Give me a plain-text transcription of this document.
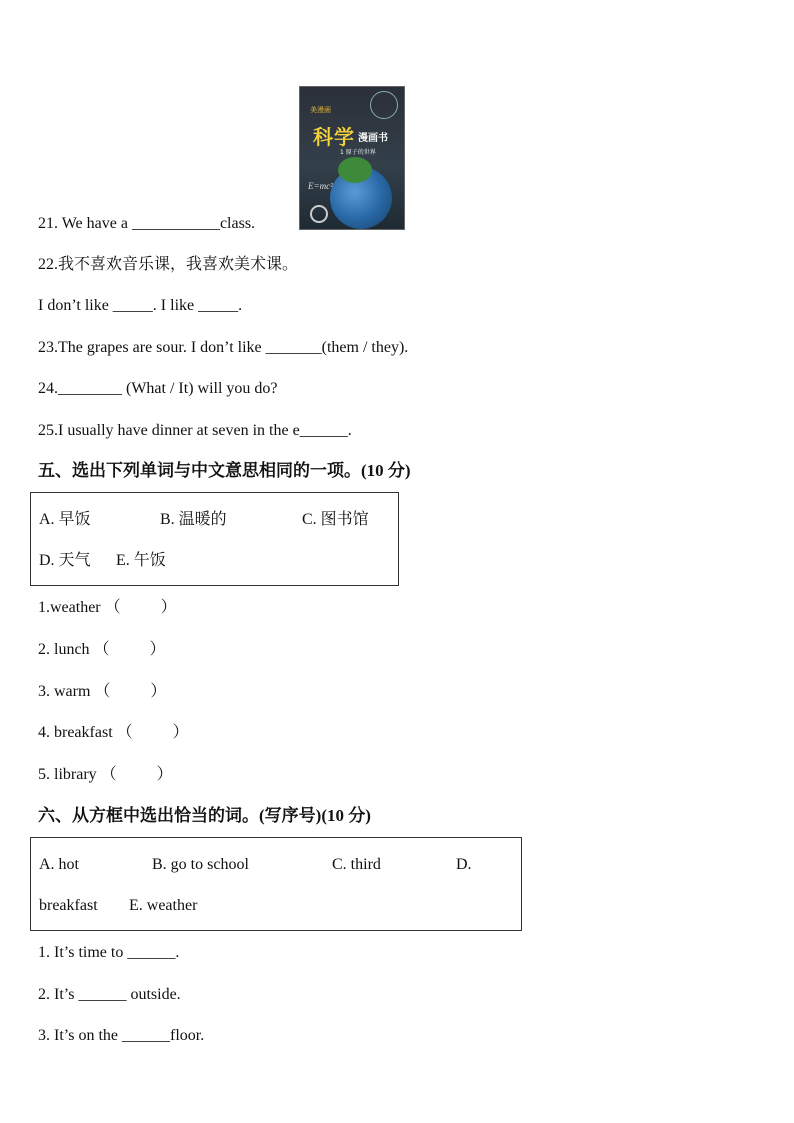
美漫画
科学 漫画书
1 原子的世界
E=mc²
21. We have a ___________class.
22.我不喜欢音乐课，我喜欢美术课。
I don’t like _____. I like _____.
23.The grapes are sour. I don’t like _______(them / they).
24.________ (What / It) will you do?
25.I usually have dinner at seven in the e______.
五、选出下列单词与中文意思相同的一项。(10 分)
A. 早饭	B. 温暖的	C. 图书馆
D. 天气 E. 午饭
1.weather （          ）
2. lunch （          ）
3. warm （          ）
4. breakfast （          ）
5. library （          ）
六、从方框中选出恰当的词。(写序号)(10 分)
A. hot	B. go to school	C. third	D.
breakfast E. weather
1. It’s time to ______.
2. It’s ______ outside.
3. It’s on the ______floor.
